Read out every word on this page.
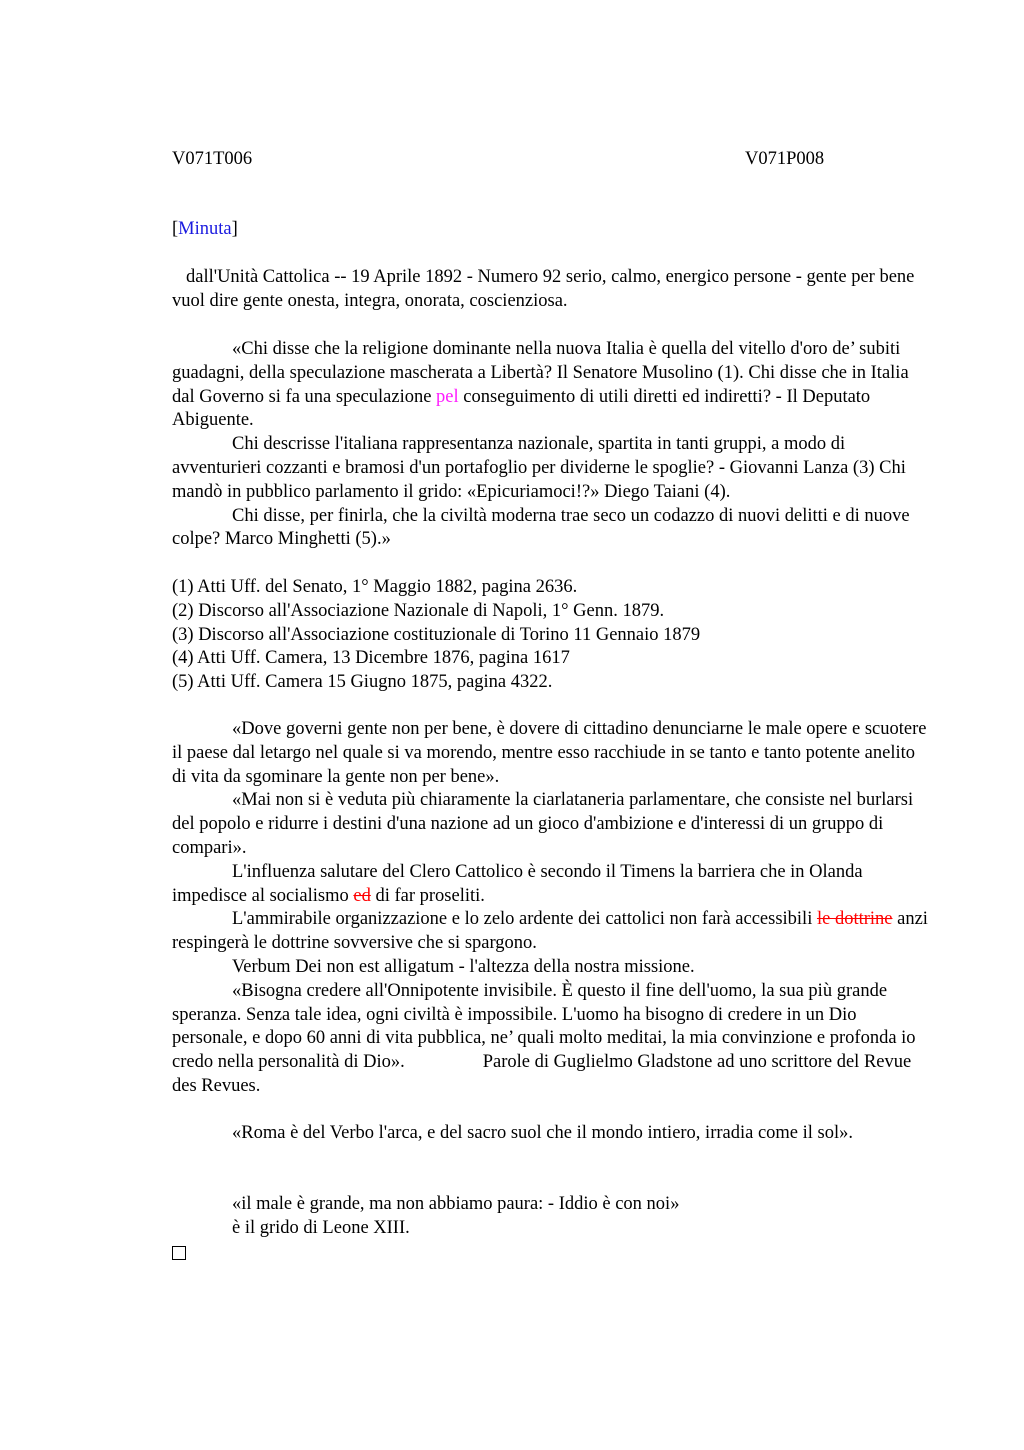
V071T006	V071P008
[Minuta]

dall'Unità Cattolica -- 19 Aprile 1892 - Numero 92 serio, calmo, energico persone - gente per bene vuol dire gente onesta, integra, onorata, coscienziosa.

«Chi disse che la religione dominante nella nuova Italia è quella del vitello d'oro de’ subiti guadagni, della speculazione mascherata a Libertà? Il Senatore Musolino (1). Chi disse che in Italia dal Governo si fa una speculazione pel conseguimento di utili diretti ed indiretti? - Il Deputato Abiguente.

Chi descrisse l'italiana rappresentanza nazionale, spartita in tanti gruppi, a modo di avventurieri cozzanti e bramosi d'un portafoglio per dividerne le spoglie? - Giovanni Lanza (3) Chi mandò in pubblico parlamento il grido: «Epicuriamoci!?» Diego Taiani (4).

Chi disse, per finirla, che la civiltà moderna trae seco un codazzo di nuovi delitti e di nuove colpe? Marco Minghetti (5).»

(1) Atti Uff. del Senato, 1° Maggio 1882, pagina 2636.

(2) Discorso all'Associazione Nazionale di Napoli, 1° Genn. 1879.

(3) Discorso all'Associazione costituzionale di Torino 11 Gennaio 1879

(4) Atti Uff. Camera, 13 Dicembre 1876, pagina 1617

(5) Atti Uff. Camera 15 Giugno 1875, pagina 4322.

«Dove governi gente non per bene, è dovere di cittadino denunciarne le male opere e scuotere il paese dal letargo nel quale si va morendo, mentre esso racchiude in se tanto e tanto potente anelito di vita da sgominare la gente non per bene».

«Mai non si è veduta più chiaramente la ciarlataneria parlamentare, che consiste nel burlarsi del popolo e ridurre i destini d'una nazione ad un gioco d'ambizione e d'interessi di un gruppo di compari».

L'influenza salutare del Clero Cattolico è secondo il Timens la barriera che in Olanda impedisce al socialismo ed di far proseliti.

L'ammirabile organizzazione e lo zelo ardente dei cattolici non farà accessibili le dottrine anzi respingerà le dottrine sovversive che si spargono.

Verbum Dei non est alligatum - l'altezza della nostra missione.

«Bisogna credere all'Onnipotente invisibile. È questo il fine dell'uomo, la sua più grande speranza. Senza tale idea, ogni civiltà è impossibile. L'uomo ha bisogno di credere in un Dio personale, e dopo 60 anni di vita pubblica, ne’ quali molto meditai, la mia convinzione e profonda io credo nella personalità di Dio».	Parole di Guglielmo Gladstone ad uno scrittore del Revue des Revues.

«Roma è del Verbo l'arca, e del sacro suol che il mondo intiero, irradia come il sol».

«il male è grande, ma non abbiamo paura: - Iddio è con noi»

è il grido di Leone XIII.
